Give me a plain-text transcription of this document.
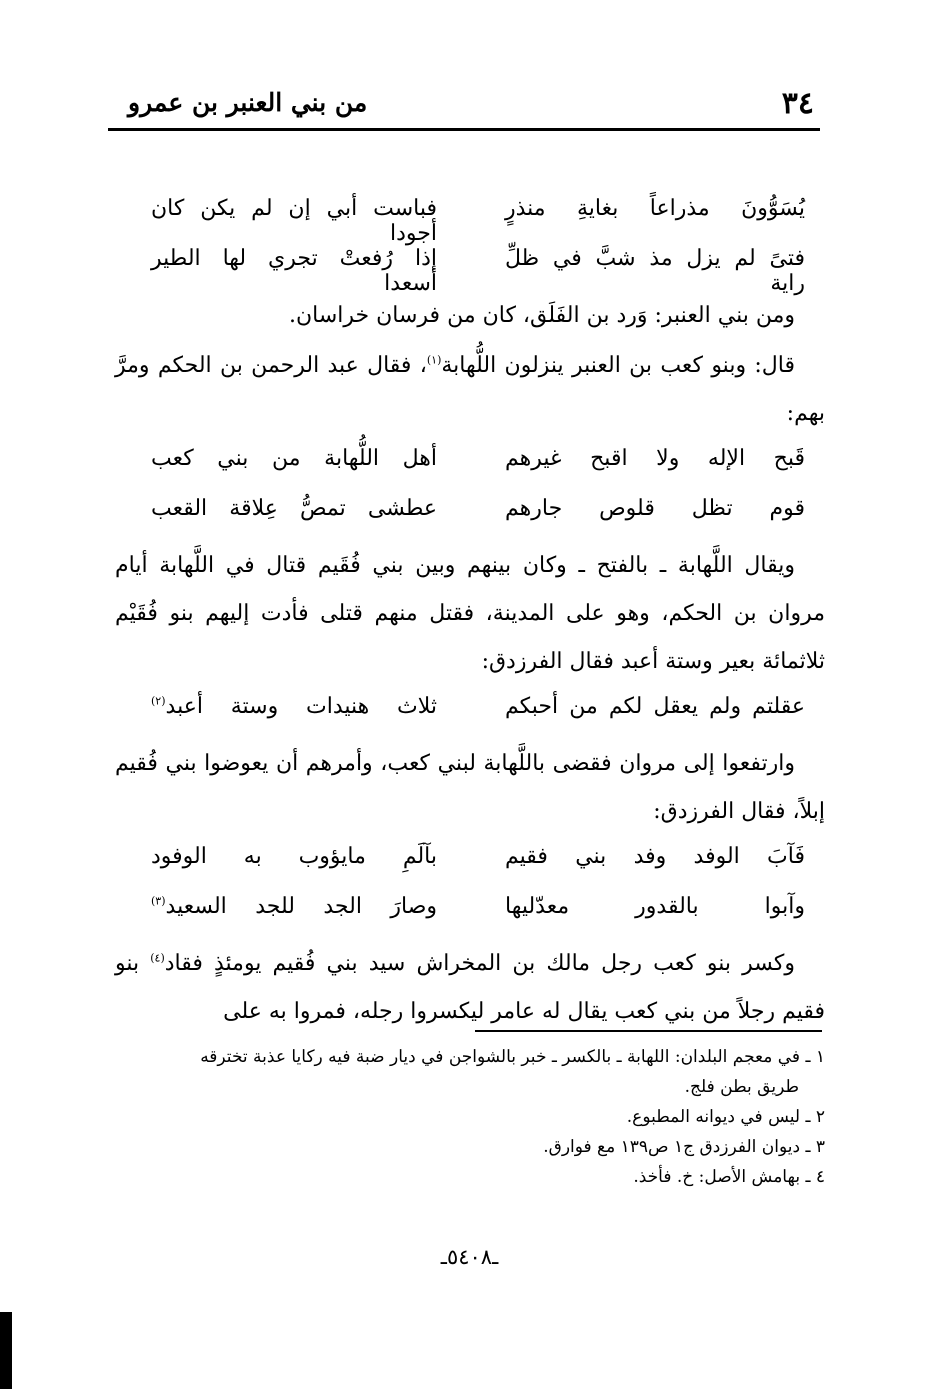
٣٤
من بني العنبر بن عمرو
يُسَوُّونَ مذراعاً بغايةِ منذرٍ
فباست أبي إن لم يكن كان أجودا
فتىً لم يزل مذ شبَّ في ظلِّ راية
إذا رُفعتْ تجري لها الطير أسعدا

ومن بني العنبر: وَرد بن الفَلَق، كان من فرسان خراسان.

قال: وبنو كعب بن العنبر ينزلون اللُّهابة$^{(١)}$، فقال عبد الرحمن بن الحكم ومرَّ بهم:

قَبح الإله ولا اقبح غيرهم
أهل اللُّهابة من بني كعب
قوم تظل قلوص جارهم
عطشى تمصُّ عِلاقة القعب

ويقال اللَّهابة ـ بالفتح ـ وكان بينهم وبين بني فُقَيم قتال في اللَّهابة أيام مروان بن الحكم، وهو على المدينة، فقتل منهم قتلى فأدت إليهم بنو فُقَيْم ثلاثمائة بعير وستة أعبد فقال الفرزدق:

عقلتم ولم يعقل لكم من أحبكم
ثلاث هنيدات وستة أعبد$^{(٢)}$

وارتفعوا إلى مروان فقضى باللَّهابة لبني كعب، وأمرهم أن يعوضوا بني فُقيم إبلاً، فقال الفرزدق:

فَآبَ الوفد وفد بني فقيم
بآلَمِ مايؤوب به الوفود
وآبوا بالقدور معدّليها
وصارَ الجد للجد السعيد$^{(٣)}$

وكسر بنو كعب رجل مالك بن المخراش سيد بني فُقيم يومئذٍ فقاد$^{(٤)}$ بنو فقيم رجلاً من بني كعب يقال له عامر ليكسروا رجله، فمروا به على

١ ـ في معجم البلدان: اللهابة ـ بالكسر ـ خبر بالشواجن في ديار ضبة فيه ركايا عذبة تخترقه

طريق بطن فلج.

٢ ـ ليس في ديوانه المطبوع.

٣ ـ ديوان الفرزدق ج١ ص١٣٩ مع فوارق.

٤ ـ بهامش الأصل: خ. فأخذ.

ـ٥٤٠٨ـ
